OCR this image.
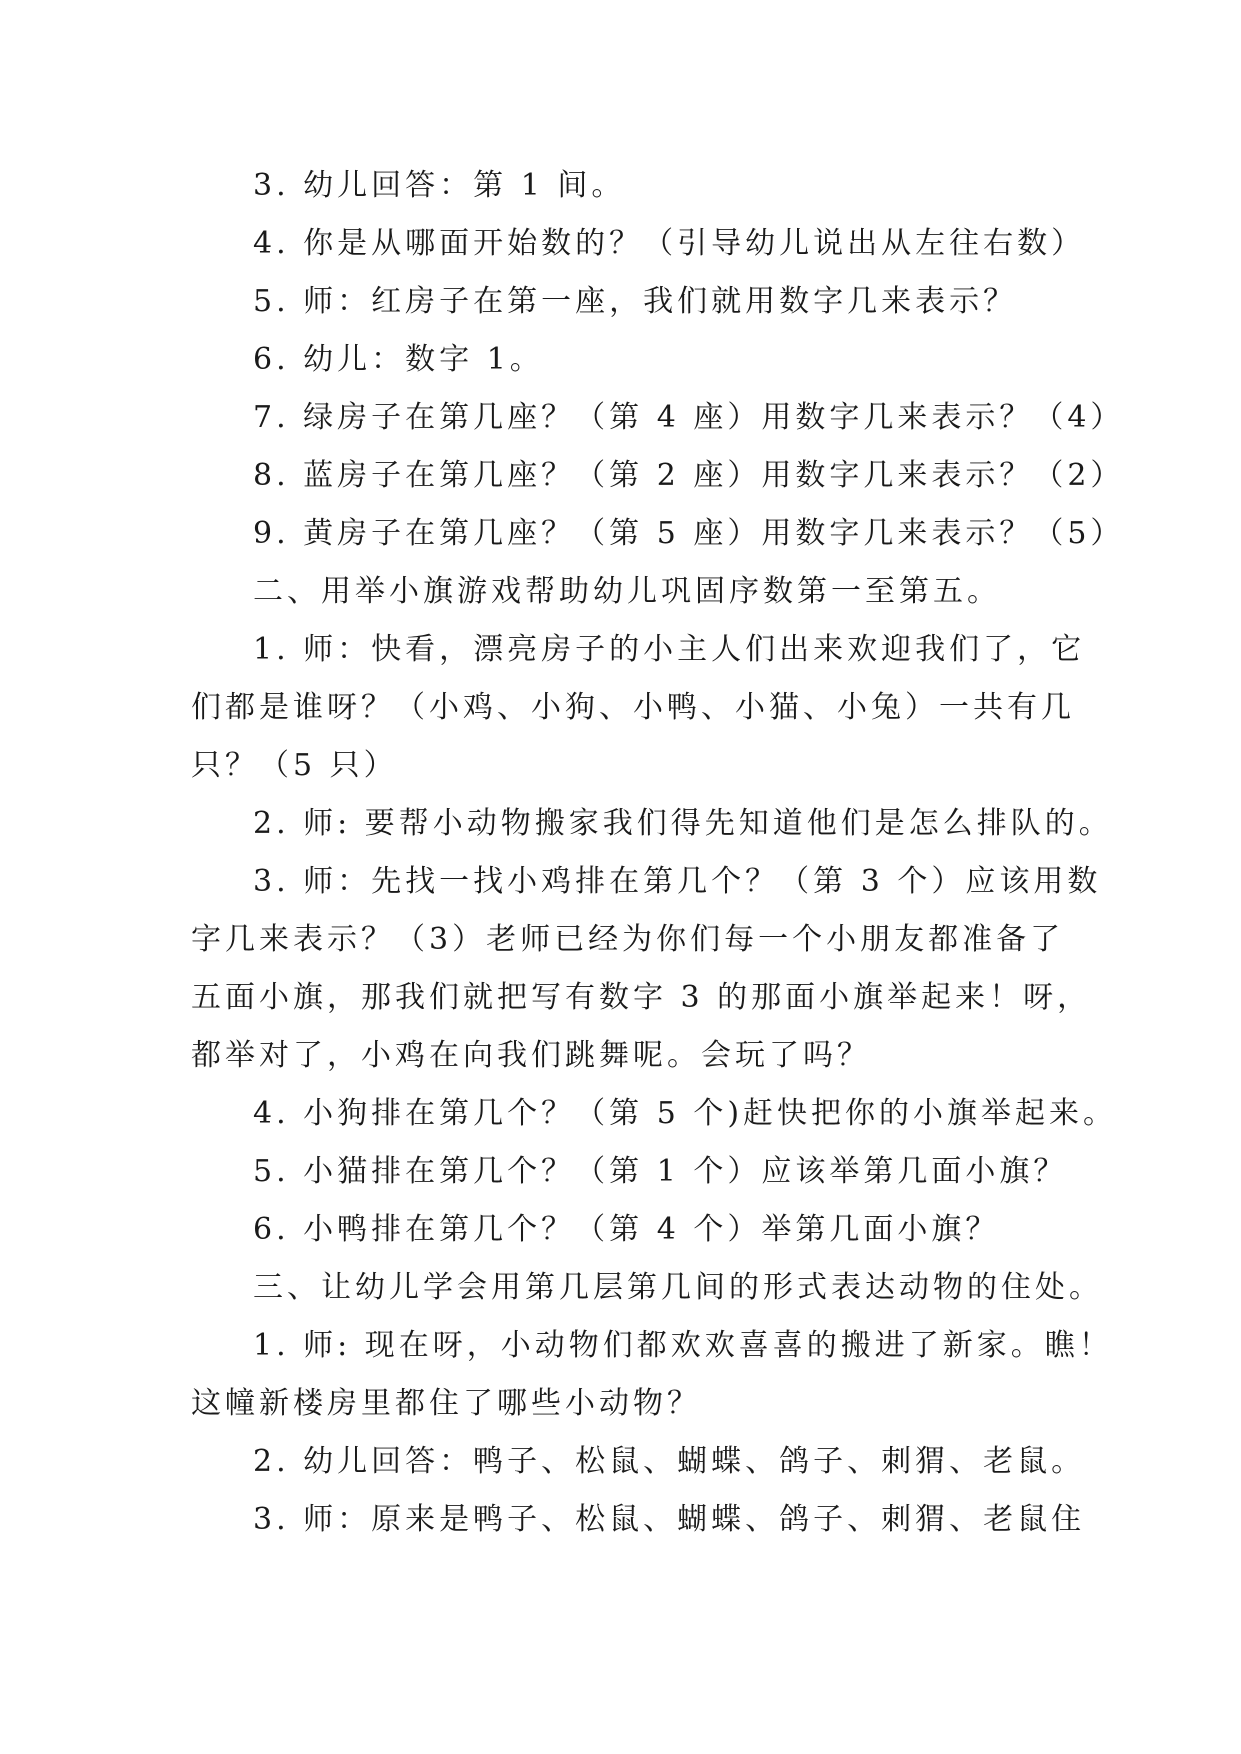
3. 幼儿回答：第 1 间。
4. 你是从哪面开始数的？（引导幼儿说出从左往右数）
5. 师：红房子在第一座，我们就用数字几来表示？
6. 幼儿：数字 1。
7. 绿房子在第几座？（第 4 座）用数字几来表示？（4）
8. 蓝房子在第几座？（第 2 座）用数字几来表示？（2）
9. 黄房子在第几座？（第 5 座）用数字几来表示？（5）
二、用举小旗游戏帮助幼儿巩固序数第一至第五。
1. 师：快看，漂亮房子的小主人们出来欢迎我们了，它
们都是谁呀？（小鸡、小狗、小鸭、小猫、小兔）一共有几
只？（5 只）
2. 师: 要帮小动物搬家我们得先知道他们是怎么排队的。
3. 师：先找一找小鸡排在第几个？（第 3 个）应该用数
字几来表示？（3）老师已经为你们每一个小朋友都准备了
五面小旗，那我们就把写有数字 3 的那面小旗举起来！呀，
都举对了，小鸡在向我们跳舞呢。会玩了吗？
4. 小狗排在第几个？（第 5 个)赶快把你的小旗举起来。
5. 小猫排在第几个？（第 1 个）应该举第几面小旗？
6. 小鸭排在第几个？（第 4 个）举第几面小旗？
三、让幼儿学会用第几层第几间的形式表达动物的住处。
1. 师: 现在呀，小动物们都欢欢喜喜的搬进了新家。瞧！
这幢新楼房里都住了哪些小动物？
2. 幼儿回答：鸭子、松鼠、蝴蝶、鸽子、刺猬、老鼠。
3. 师：原来是鸭子、松鼠、蝴蝶、鸽子、刺猬、老鼠住
